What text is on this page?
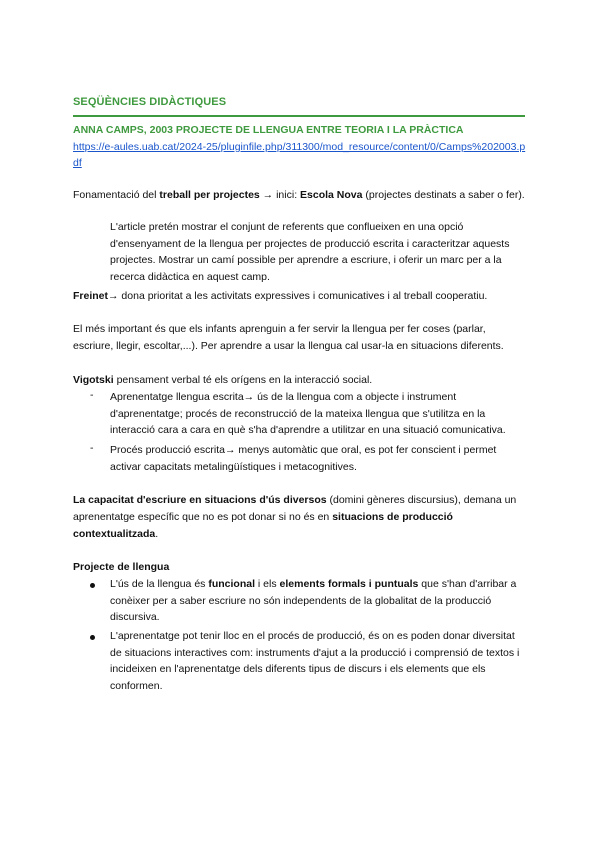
SEQÜÈNCIES DIDÀCTIQUES
ANNA CAMPS, 2003 PROJECTE DE LLENGUA ENTRE TEORIA I LA PRÀCTICA
https://e-aules.uab.cat/2024-25/pluginfile.php/311300/mod_resource/content/0/Camps%202003.pdf
Fonamentació del treball per projectes → inici: Escola Nova (projectes destinats a saber o fer).
L'article pretén mostrar el conjunt de referents que conflueixen en una opció d'ensenyament de la llengua per projectes de producció escrita i caracteritzar aquests projectes. Mostrar un camí possible per aprendre a escriure, i oferir un marc per a la recerca didàctica en aquest camp.
Freinet→ dona prioritat a les activitats expressives i comunicatives i al treball cooperatiu.
El més important és que els infants aprenguin a fer servir la llengua per fer coses (parlar, escriure, llegir, escoltar,...). Per aprendre a usar la llengua cal usar-la en situacions diferents.
Vigotski pensament verbal té els orígens en la interacció social.
- Aprenentatge llengua escrita→ ús de la llengua com a objecte i instrument d'aprenentatge; procés de reconstrucció de la mateixa llengua que s'utilitza en la interacció cara a cara en què s'ha d'aprendre a utilitzar en una situació comunicativa.
- Procés producció escrita→ menys automàtic que oral, es pot fer conscient i permet activar capacitats metalingüístiques i metacognitives.
La capacitat d'escriure en situacions d'ús diversos (domini gèneres discursius), demana un aprenentatge específic que no es pot donar si no és en situacions de producció contextualitzada.
Projecte de llengua
L'ús de la llengua és funcional i els elements formals i puntuals que s'han d'arribar a conèixer per a saber escriure no són independents de la globalitat de la producció discursiva.
L'aprenentatge pot tenir lloc en el procés de producció, és on es poden donar diversitat de situacions interactives com: instruments d'ajut a la producció i comprensió de textos i incideixen en l'aprenentatge dels diferents tipus de discurs i els elements que els conformen.
